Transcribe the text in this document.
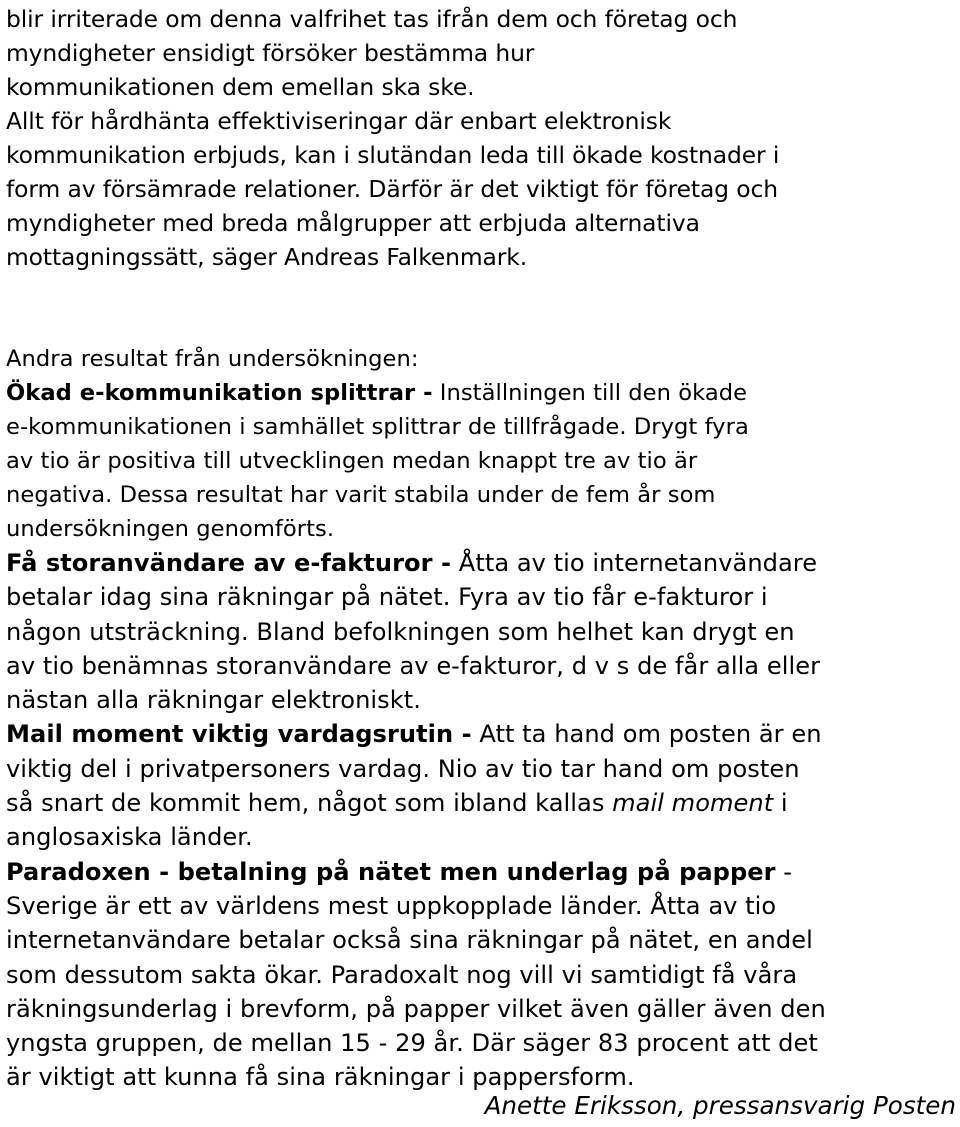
blir irriterade om denna valfrihet tas ifrån dem och företag och

myndigheter ensidigt försöker bestämma hur

kommunikationen dem emellan ska ske.

Allt för hårdhänta effektiviseringar där enbart elektronisk

kommunikation erbjuds, kan i slutändan leda till ökade kostnader i

form av försämrade relationer. Därför är det viktigt för företag och

myndigheter med breda målgrupper att erbjuda alternativa

mottagningssätt, säger Andreas Falkenmark.

Andra resultat från undersökningen:

Ökad e-kommunikation splittrar - Inställningen till den ökade

e-kommunikationen i samhället splittrar de tillfrågade. Drygt fyra

av tio är positiva till utvecklingen medan knappt tre av tio är

negativa. Dessa resultat har varit stabila under de fem år som

undersökningen genomförts.

Få storanvändare av e-fakturor - Åtta av tio internetanvändare

betalar idag sina räkningar på nätet. Fyra av tio får e-fakturor i

någon utsträckning. Bland befolkningen som helhet kan drygt en

av tio benämnas storanvändare av e-fakturor, d v s de får alla eller

nästan alla räkningar elektroniskt.

Mail moment viktig vardagsrutin - Att ta hand om posten är en

viktig del i privatpersoners vardag. Nio av tio tar hand om posten

så snart de kommit hem, något som ibland kallas mail moment i

anglosaxiska länder.

Paradoxen - betalning på nätet men underlag på papper -

Sverige är ett av världens mest uppkopplade länder. Åtta av tio

internetanvändare betalar också sina räkningar på nätet, en andel

som dessutom sakta ökar. Paradoxalt nog vill vi samtidigt få våra

räkningsunderlag i brevform, på papper vilket även gäller även den

yngsta gruppen, de mellan 15 - 29 år. Där säger 83 procent att det

är viktigt att kunna få sina räkningar i pappersform.

Anette Eriksson, pressansvarig Posten
